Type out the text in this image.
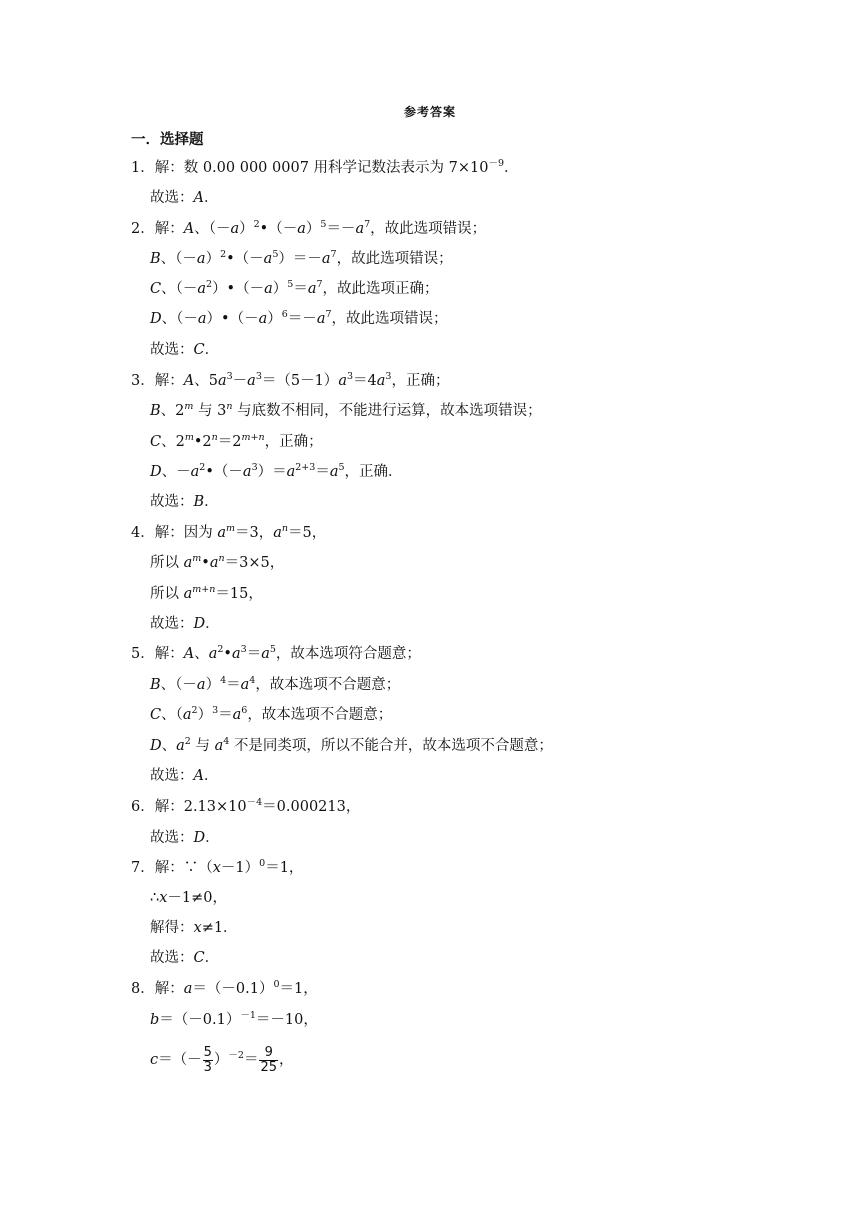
参考答案
一．选择题
1．解：数 0.00 000 0007 用科学记数法表示为 $7\times 10^{-9}$．
故选：A．
2．解：A、$(-a)^2•(-a)^5=-a^7$，故此选项错误；
B、$(-a)^2•(-a^5)=-a^7$，故此选项错误；
C、$(-a^2)•(-a)^5=a^7$，故此选项正确；
D、$(-a)•(-a)^6=-a^7$，故此选项错误；
故选：C．
3．解：A、$5a^3-a^3=(5-1)a^3=4a^3$，正确；
B、2$^m$ 与 3$^n$ 与底数不相同，不能进行运算，故本选项错误；
C、$2^m•2^n=2^{m+n}$，正确；
D、$-a^2•(-a^3)=a^{2+3}=a^5$，正确．
故选：B．
4．解：因为 $a^m=3$，$a^n=5$，
所以 $a^m•a^n=3\times 5$，
所以 $a^{m+n}=15$，
故选：D．
5．解：A、$a^2•a^3=a^5$，故本选项符合题意；
B、$(-a)^4=a^4$，故本选项不合题意；
C、$(a^2)^3=a^6$，故本选项不合题意；
D、$a^2$ 与 $a^4$ 不是同类项，所以不能合并，故本选项不合题意；
故选：A．
6．解：$2.13\times 10^{-4}=0.000213$，
故选：D．
7．解：$\because(x-1)^0=1$，
∴x－1≠0，
解得：x≠1．
故选：C．
8．解：$a=(-0.1)^0=1$，
$b=(-0.1)^{-1}=-10$，
$c=(- \frac{5}{3} )^{-2}= \frac{9}{25}$ ，
